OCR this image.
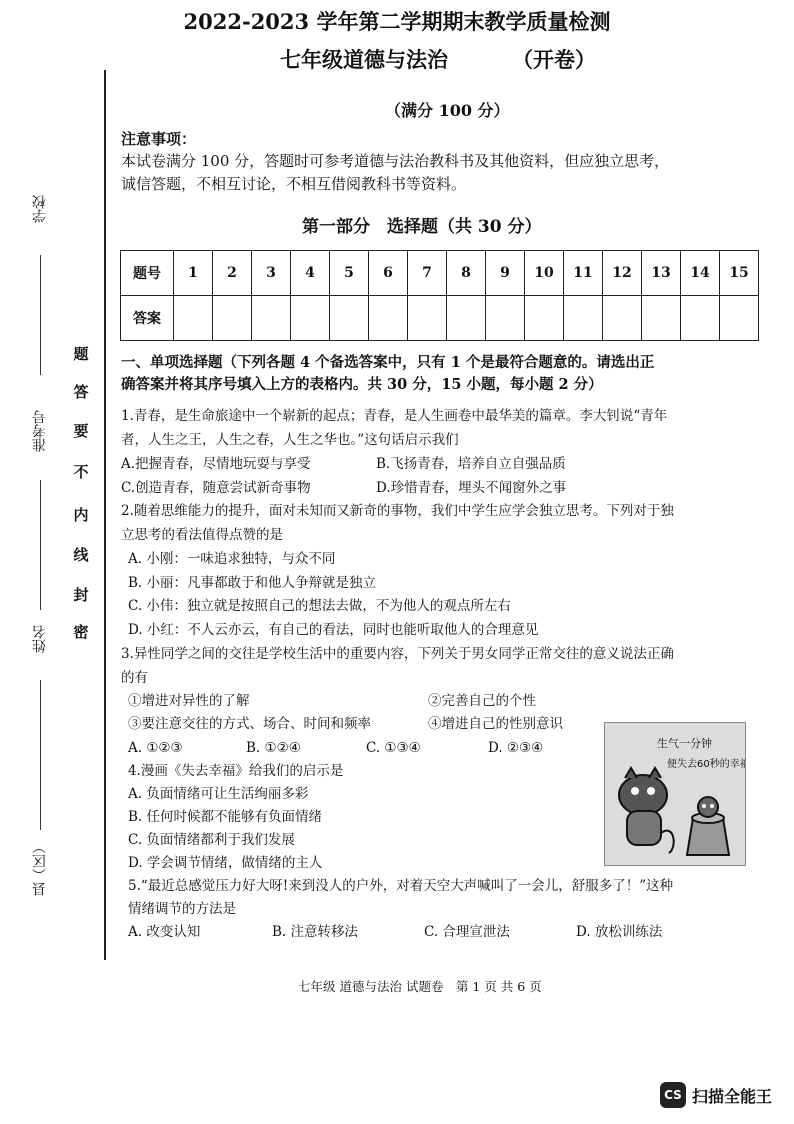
题
答
要
不
内
线
封
密
学校
准考号
姓名
县（区）
2022-2023 学年第二学期期末教学质量检测
七年级道德与法治	（开卷）
（满分 100 分）
注意事项：
本试卷满分 100 分，答题时可参考道德与法治教科书及其他资料，但应独立思考，
诚信答题，不相互讨论，不相互借阅教科书等资料。
第一部分　选择题（共 30 分）
题号	1	2	3	4	5	6	7	8	9	10	11	12	13	14	15
答案															
一、单项选择题（下列各题 4 个备选答案中，只有 1 个是最符合题意的。请选出正
确答案并将其序号填入上方的表格内。共 30 分，15 小题，每小题 2 分）
1.青春，是生命旅途中一个崭新的起点；青春，是人生画卷中最华美的篇章。李大钊说“青年
者，人生之王，人生之春，人生之华也。”这句话启示我们
A.把握青春，尽情地玩耍与享受	B.飞扬青春，培养自立自强品质
C.创造青春，随意尝试新奇事物	D.珍惜青春，埋头不闻窗外之事
2.随着思维能力的提升，面对未知而又新奇的事物，我们中学生应学会独立思考。下列对于独
立思考的看法值得点赞的是
A. 小刚：一味追求独特，与众不同
B. 小丽：凡事都敢于和他人争辩就是独立
C. 小伟：独立就是按照自己的想法去做，不为他人的观点所左右
D. 小红：不人云亦云，有自己的看法，同时也能听取他人的合理意见
3.异性同学之间的交往是学校生活中的重要内容，下列关于男女同学正常交往的意义说法正确
的有
①增进对异性的了解	②完善自己的个性
③要注意交往的方式、场合、时间和频率	④增进自己的性别意识
A. ①②③	B. ①②④	C. ①③④	D. ②③④
4.漫画《失去幸福》给我们的启示是
A. 负面情绪可让生活绚丽多彩
B. 任何时候都不能够有负面情绪
C. 负面情绪都利于我们发展
D. 学会调节情绪，做情绪的主人
生气一分钟
便失去60秒的幸福
5.“最近总感觉压力好大呀!来到没人的户外，对着天空大声喊叫了一会儿，舒服多了！”这种
情绪调节的方法是
A. 改变认知	B. 注意转移法	C. 合理宣泄法	D. 放松训练法
七年级 道德与法治 试题卷　第 1 页 共 6 页
CS 扫描全能王
